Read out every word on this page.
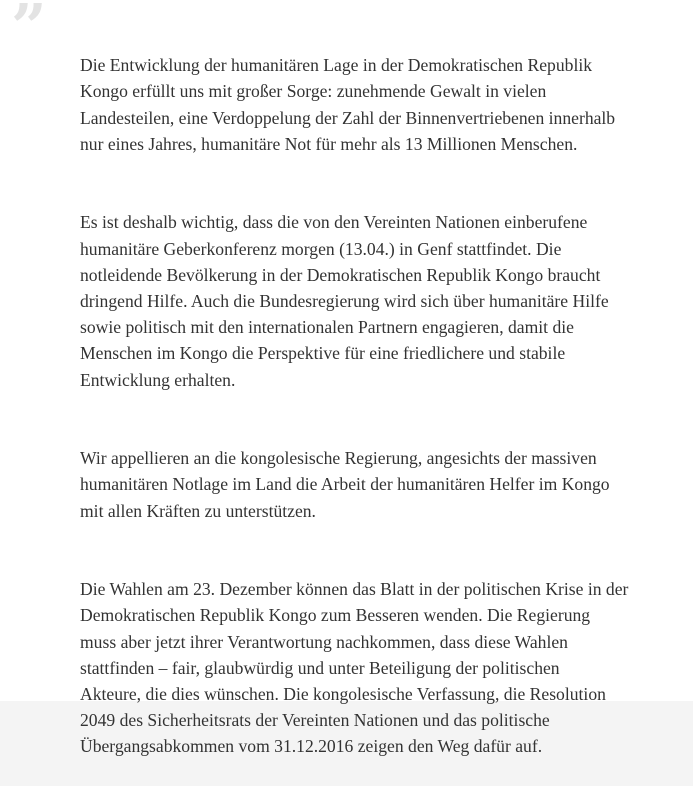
”

Die Entwicklung der humanitären Lage in der Demokratischen Republik
Kongo erfüllt uns mit großer Sorge: zunehmende Gewalt in vielen
Landesteilen, eine Verdoppelung der Zahl der Binnenvertriebenen innerhalb
nur eines Jahres, humanitäre Not für mehr als 13 Millionen Menschen.

Es ist deshalb wichtig, dass die von den Vereinten Nationen einberufene
humanitäre Geberkonferenz morgen (13.04.) in Genf stattfindet. Die
notleidende Bevölkerung in der Demokratischen Republik Kongo braucht
dringend Hilfe. Auch die Bundesregierung wird sich über humanitäre Hilfe
sowie politisch mit den internationalen Partnern engagieren, damit die
Menschen im Kongo die Perspektive für eine friedlichere und stabile
Entwicklung erhalten.

Wir appellieren an die kongolesische Regierung, angesichts der massiven
humanitären Notlage im Land die Arbeit der humanitären Helfer im Kongo
mit allen Kräften zu unterstützen.

Die Wahlen am 23. Dezember können das Blatt in der politischen Krise in der
Demokratischen Republik Kongo zum Besseren wenden. Die Regierung
muss aber jetzt ihrer Verantwortung nachkommen, dass diese Wahlen
stattfinden – fair, glaubwürdig und unter Beteiligung der politischen
Akteure, die dies wünschen. Die kongolesische Verfassung, die Resolution
2049 des Sicherheitsrats der Vereinten Nationen und das politische
Übergangsabkommen vom 31.12.2016 zeigen den Weg dafür auf.
